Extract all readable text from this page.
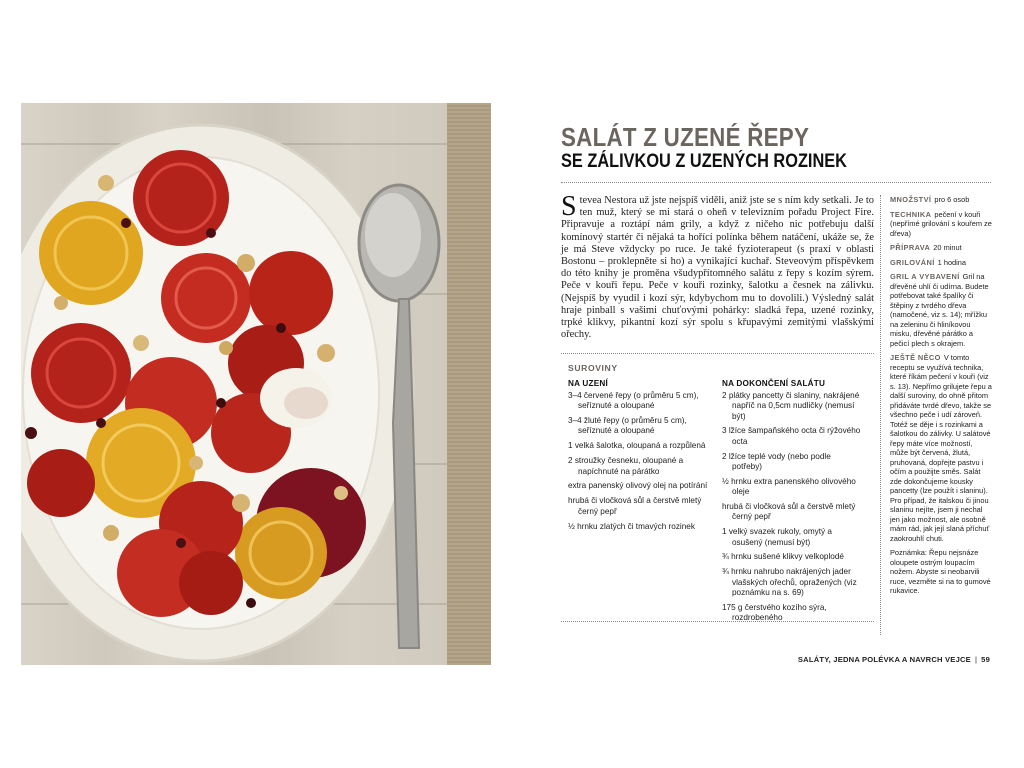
SALÁT Z UZENÉ ŘEPY
SE ZÁLIVKOU Z UZENÝCH ROZINEK

Stevea Nestora už jste nejspíš viděli, aniž jste se s ním kdy setkali. Je to ten muž, který se mi stará o oheň v televizním pořadu Project Fire. Připravuje a roztápí nám grily, a když z ničeho nic potřebuju další komínový startér či nějaká ta hořící polínka během natáčení, ukáže se, že je má Steve vždycky po ruce. Je také fyzioterapeut (s praxí v oblasti Bostonu – proklepněte si ho) a vynikající kuchař. Steveovým příspěvkem do této knihy je proměna všudypřítomného salátu z řepy s kozím sýrem. Peče v kouři řepu. Peče v kouři rozinky, šalotku a česnek na zálivku. (Nejspíš by vyudil i kozí sýr, kdybychom mu to dovolili.) Výsledný salát hraje pinball s vašimi chuťovými pohárky: sladká řepa, uzené rozinky, trpké klikvy, pikantní kozí sýr spolu s křupavými zemitými vlašskými ořechy.

SUROVINY
NA UZENÍ
3–4 červené řepy (o průměru 5 cm), seříznuté a oloupané
3–4 žluté řepy (o průměru 5 cm), seříznuté a oloupané
1 velká šalotka, oloupaná a rozpůlená
2 stroužky česneku, oloupané a napíchnuté na párátko
extra panenský olivový olej na potírání
hrubá či vločková sůl a čerstvě mletý černý pepř
½ hrnku zlatých či tmavých rozinek
NA DOKONČENÍ SALÁTU
2 plátky pancetty či slaniny, nakrájené napříč na 0,5cm nudličky (nemusí být)
3 lžíce šampaňského octa či rýžového octa
2 lžíce teplé vody (nebo podle potřeby)
½ hrnku extra panenského olivového oleje
hrubá či vločková sůl a čerstvě mletý černý pepř
1 velký svazek rukoly, omytý a osušený (nemusí být)
¾ hrnku sušené klikvy velkoplodé
¾ hrnku nahrubo nakrájených jader vlašských ořechů, opražených (viz poznámku na s. 69)
175 g čerstvého kozího sýra, rozdrobeného

MNOŽSTVÍ pro 6 osob

TECHNIKA pečení v kouři (nepřímé grilování s kouřem ze dřeva)

PŘÍPRAVA 20 minut

GRILOVÁNÍ 1 hodina

GRIL A VYBAVENÍ Gril na dřevěné uhlí či udírna. Budete potřebovat také špalíky či štěpiny z tvrdého dřeva (namočené, viz s. 14); mřížku na zeleninu či hliníkovou misku, dřevěné párátko a pečicí plech s okrajem.

JEŠTĚ NĚCO V tomto receptu se využívá technika, které říkám pečení v kouři (viz s. 13). Nepřímo grilujete řepu a další suroviny, do ohně přitom přidáváte tvrdé dřevo, takže se všechno peče i udí zároveň. Totéž se děje i s rozinkami a šalotkou do zálivky. U salátové řepy máte více možností, může být červená, žlutá, pruhovaná, dopřejte pastvu i očím a použijte směs. Salát zde dokončujeme kousky pancetty (lze použít i slaninu). Pro případ, že italskou či jinou slaninu nejíte, jsem ji nechal jen jako možnost, ale osobně mám rád, jak její slaná příchuť zaokrouhlí chuti.

Poznámka: Řepu nejsnáze oloupete ostrým loupacím nožem. Abyste si neobarvili ruce, vezměte si na to gumové rukavice.

SALÁTY, JEDNA POLÉVKA A NAVRCH VEJCE | 59
